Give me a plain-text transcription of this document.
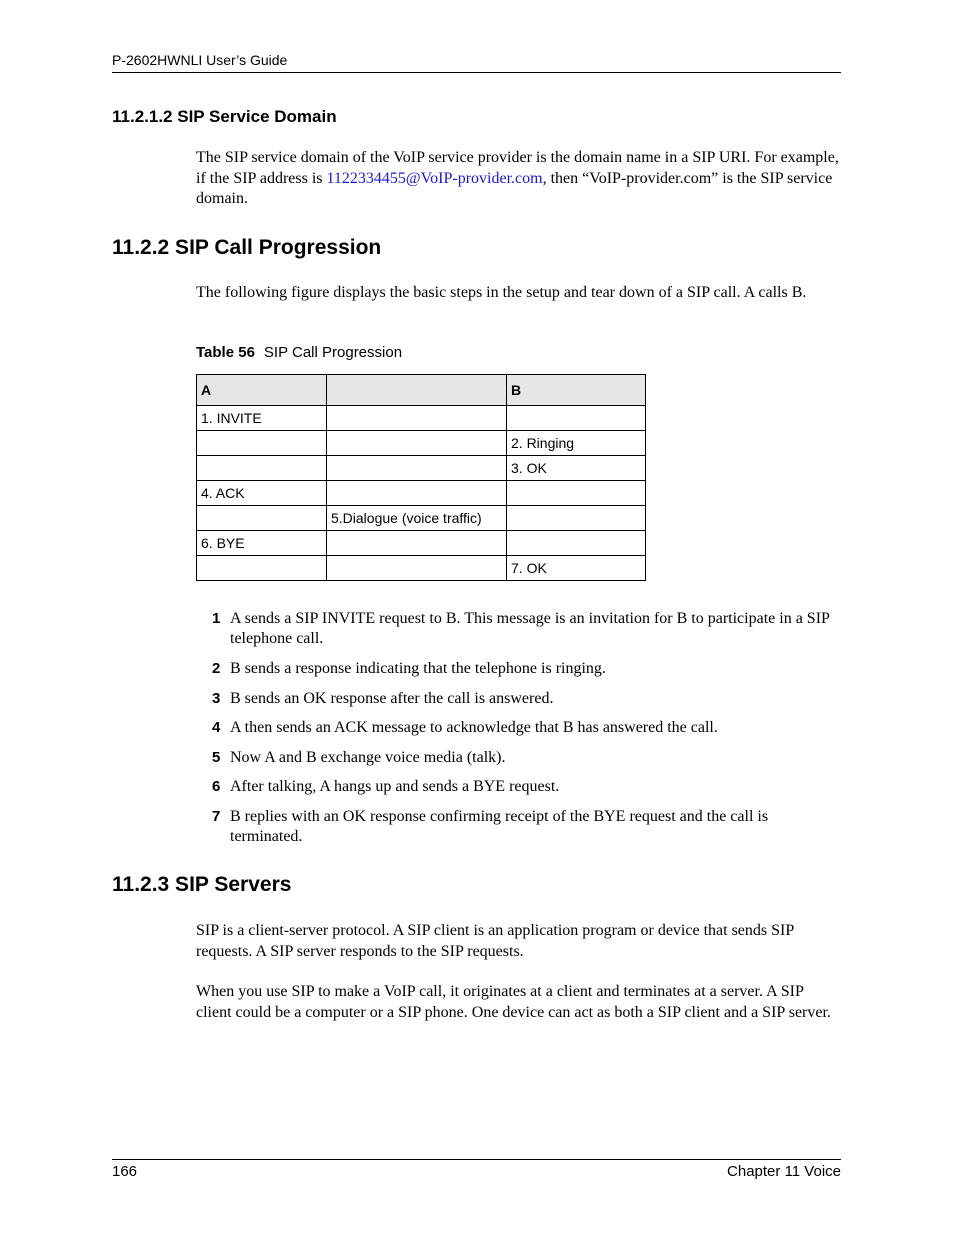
P-2602HWNLI User’s Guide
11.2.1.2 SIP Service Domain
The SIP service domain of the VoIP service provider is the domain name in a SIP URI. For example, if the SIP address is 1122334455@VoIP-provider.com, then “VoIP-provider.com” is the SIP service domain.
11.2.2 SIP Call Progression
The following figure displays the basic steps in the setup and tear down of a SIP call. A calls B.
Table 56 SIP Call Progression
A		B
1. INVITE		
		2. Ringing
		3. OK
4. ACK		
	5.Dialogue (voice traffic)	
6. BYE		
		7. OK
1 A sends a SIP INVITE request to B. This message is an invitation for B to participate in a SIP telephone call.
2 B sends a response indicating that the telephone is ringing.
3 B sends an OK response after the call is answered.
4 A then sends an ACK message to acknowledge that B has answered the call.
5 Now A and B exchange voice media (talk).
6 After talking, A hangs up and sends a BYE request.
7 B replies with an OK response confirming receipt of the BYE request and the call is terminated.
11.2.3 SIP Servers
SIP is a client-server protocol. A SIP client is an application program or device that sends SIP requests. A SIP server responds to the SIP requests.
When you use SIP to make a VoIP call, it originates at a client and terminates at a server. A SIP client could be a computer or a SIP phone. One device can act as both a SIP client and a SIP server.
166	Chapter 11 Voice
